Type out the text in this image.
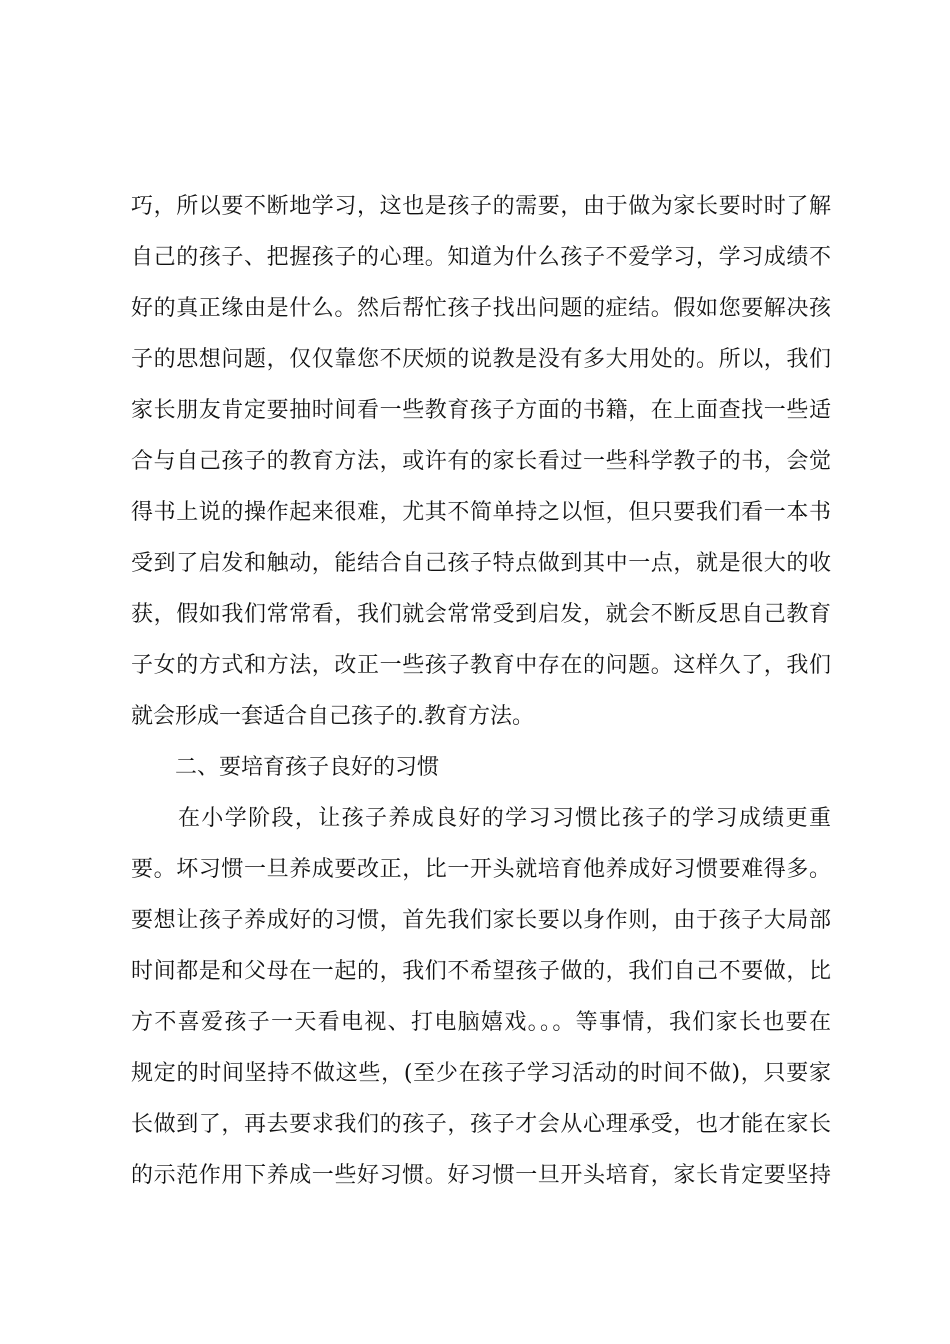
巧，所以要不断地学习，这也是孩子的需要，由于做为家长要时时了解
自己的孩子、把握孩子的心理。知道为什么孩子不爱学习，学习成绩不
好的真正缘由是什么。然后帮忙孩子找出问题的症结。假如您要解决孩
子的思想问题，仅仅靠您不厌烦的说教是没有多大用处的。所以，我们
家长朋友肯定要抽时间看一些教育孩子方面的书籍，在上面查找一些适
合与自己孩子的教育方法，或许有的家长看过一些科学教子的书，会觉
得书上说的操作起来很难，尤其不简单持之以恒，但只要我们看一本书
受到了启发和触动，能结合自己孩子特点做到其中一点，就是很大的收
获，假如我们常常看，我们就会常常受到启发，就会不断反思自己教育
子女的方式和方法，改正一些孩子教育中存在的问题。这样久了，我们
就会形成一套适合自己孩子的.教育方法。
二、要培育孩子良好的习惯
在小学阶段，让孩子养成良好的学习习惯比孩子的学习成绩更重
要。坏习惯一旦养成要改正，比一开头就培育他养成好习惯要难得多。
要想让孩子养成好的习惯，首先我们家长要以身作则，由于孩子大局部
时间都是和父母在一起的，我们不希望孩子做的，我们自己不要做，比
方不喜爱孩子一天看电视、打电脑嬉戏。。。等事情，我们家长也要在
规定的时间坚持不做这些，(至少在孩子学习活动的时间不做)，只要家
长做到了，再去要求我们的孩子，孩子才会从心理承受，也才能在家长
的示范作用下养成一些好习惯。好习惯一旦开头培育，家长肯定要坚持
